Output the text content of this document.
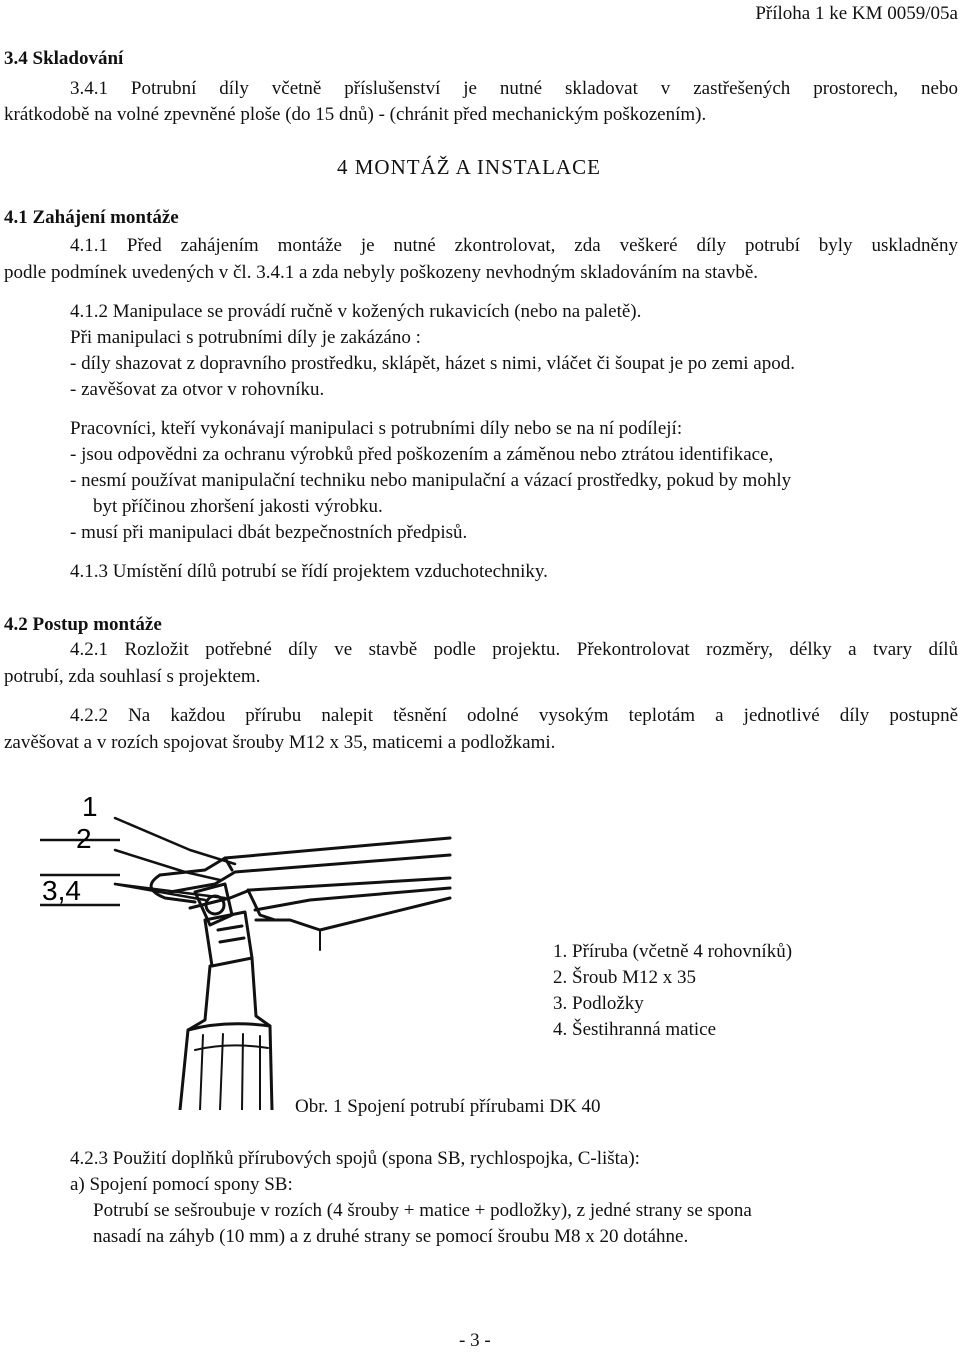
Příloha 1 ke KM 0059/05a
3.4 Skladování
3.4.1 Potrubní díly včetně příslušenství je nutné skladovat v zastřešených prostorech, nebo
krátkodobě na volné zpevněné ploše (do 15 dnů) - (chránit před mechanickým poškozením).
4 MONTÁŽ A INSTALACE
4.1 Zahájení montáže
4.1.1 Před zahájením montáže je nutné zkontrolovat, zda veškeré díly potrubí byly uskladněny
podle podmínek uvedených v čl. 3.4.1 a zda nebyly poškozeny nevhodným skladováním na stavbě.
4.1.2 Manipulace se provádí ručně v kožených rukavicích (nebo na paletě).
Při manipulaci s potrubními díly je zakázáno :
- díly shazovat z dopravního prostředku, sklápět, házet s nimi, vláčet či šoupat je po zemi apod.
- zavěšovat za otvor v rohovníku.
Pracovníci, kteří vykonávají manipulaci s potrubními díly nebo se na ní podílejí:
- jsou odpovědni za ochranu výrobků před poškozením a záměnou nebo ztrátou identifikace,
- nesmí používat manipulační techniku nebo manipulační a vázací prostředky, pokud by mohly
byt příčinou zhoršení jakosti výrobku.
- musí při manipulaci dbát bezpečnostních předpisů.
4.1.3 Umístění dílů potrubí se řídí projektem vzduchotechniky.
4.2 Postup montáže
4.2.1 Rozložit potřebné díly ve stavbě podle projektu. Překontrolovat rozměry, délky a tvary dílů
potrubí, zda souhlasí s projektem.
4.2.2 Na každou přírubu nalepit těsnění odolné vysokým teplotám a jednotlivé díly postupně
zavěšovat a v rozích spojovat šrouby M12 x 35, maticemi a podložkami.
1
2
3,4
1. Příruba (včetně 4 rohovníků)
2. Šroub M12 x 35
3. Podložky
4. Šestihranná matice
Obr. 1 Spojení potrubí přírubami DK 40
4.2.3 Použití doplňků přírubových spojů (spona SB, rychlospojka, C-lišta):
a) Spojení pomocí spony SB:
Potrubí se sešroubuje v rozích (4 šrouby + matice + podložky), z jedné strany se spona
nasadí na záhyb (10 mm) a z druhé strany se pomocí šroubu M8 x 20 dotáhne.
- 3 -
